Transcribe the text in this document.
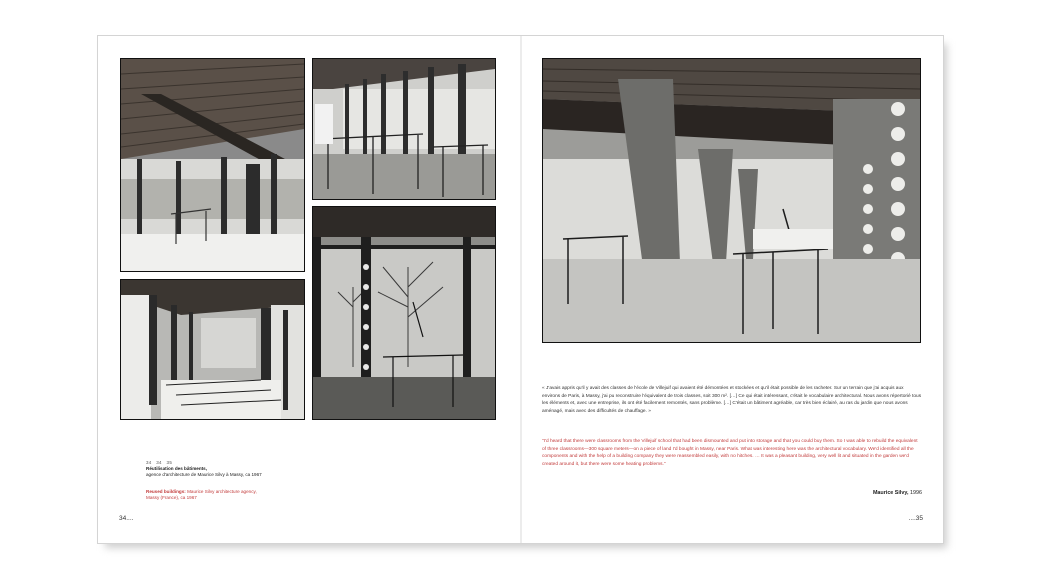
34   34   35
Réutilisation des bâtiments,
agence d'architecture de Maurice Silvy à Massy, ca 1967
Reused buildings: Maurice Silvy architecture agency, Massy (France), ca 1967
« J'avais appris qu'il y avait des classes de l'école de Villejuif qui avaient été démontées et stockées et qu'il était possible de les racheter. Sur un terrain que j'ai acquis aux environs de Paris, à Massy, j'ai pu reconstruire l'équivalent de trois classes, soit 300 m². […] Ce qui était intéressant, c'était le vocabulaire architectural. Nous avons répertorié tous les éléments et, avec une entreprise, ils ont été facilement remontés, sans problème. […] C'était un bâtiment agréable, car très bien éclairé, au ras du jardin que nous avons aménagé, mais avec des difficultés de chauffage. »
"I'd heard that there were classrooms from the Villejuif school that had been dismounted and put into storage and that you could buy them. So I was able to rebuild the equivalent of three classrooms—300 square meters—on a piece of land I'd bought in Massy, near Paris. What was interesting here was the architectural vocabulary. We'd identified all the components and with the help of a building company they were reassembled easily, with no hitches. … It was a pleasant building, very well lit and situated in the garden we'd created around it, but there were some heating problems."
Maurice Silvy, 1996
34....	....35
